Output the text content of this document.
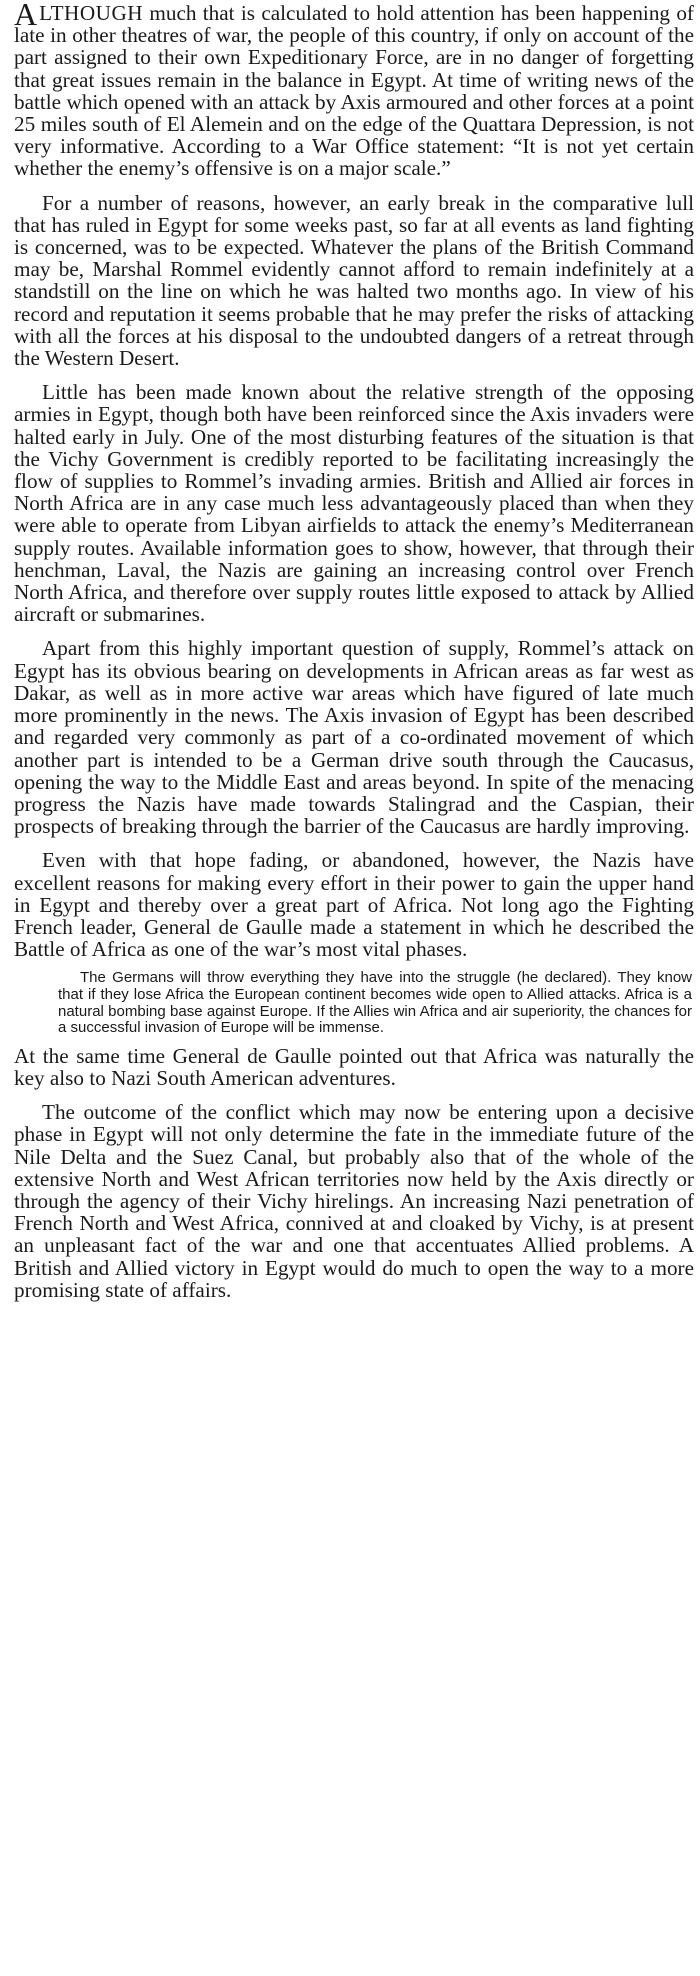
ALTHOUGH much that is calculated to hold attention has been happening of late in other theatres of war, the people of this country, if only on account of the part assigned to their own Expeditionary Force, are in no danger of forgetting that great issues remain in the balance in Egypt. At time of writing news of the battle which opened with an attack by Axis armoured and other forces at a point 25 miles south of El Alemein and on the edge of the Quattara Depression, is not very informative. According to a War Office statement: “It is not yet certain whether the enemy’s offensive is on a major scale.”

For a number of reasons, however, an early break in the comparative lull that has ruled in Egypt for some weeks past, so far at all events as land fighting is concerned, was to be expected. Whatever the plans of the British Command may be, Marshal Rommel evidently cannot afford to remain indefinitely at a standstill on the line on which he was halted two months ago. In view of his record and reputation it seems probable that he may prefer the risks of attacking with all the forces at his disposal to the undoubted dangers of a retreat through the Western Desert.

Little has been made known about the relative strength of the opposing armies in Egypt, though both have been reinforced since the Axis invaders were halted early in July. One of the most disturbing features of the situation is that the Vichy Government is credibly reported to be facilitating increasingly the flow of supplies to Rommel’s invading armies. British and Allied air forces in North Africa are in any case much less advantageously placed than when they were able to operate from Libyan airfields to attack the enemy’s Mediterranean supply routes. Available information goes to show, however, that through their henchman, Laval, the Nazis are gaining an increasing control over French North Africa, and therefore over supply routes little exposed to attack by Allied aircraft or submarines.

Apart from this highly important question of supply, Rommel’s attack on Egypt has its obvious bearing on developments in African areas as far west as Dakar, as well as in more active war areas which have figured of late much more prominently in the news. The Axis invasion of Egypt has been described and regarded very commonly as part of a co-ordinated movement of which another part is intended to be a German drive south through the Caucasus, opening the way to the Middle East and areas beyond. In spite of the menacing progress the Nazis have made towards Stalingrad and the Caspian, their prospects of breaking through the barrier of the Caucasus are hardly improving.

Even with that hope fading, or abandoned, however, the Nazis have excellent reasons for making every effort in their power to gain the upper hand in Egypt and thereby over a great part of Africa. Not long ago the Fighting French leader, General de Gaulle made a statement in which he described the Battle of Africa as one of the war’s most vital phases.

The Germans will throw everything they have into the struggle (he declared). They know that if they lose Africa the European continent becomes wide open to Allied attacks. Africa is a natural bombing base against Europe. If the Allies win Africa and air superiority, the chances for a successful invasion of Europe will be immense.

At the same time General de Gaulle pointed out that Africa was naturally the key also to Nazi South American adventures.

The outcome of the conflict which may now be entering upon a decisive phase in Egypt will not only determine the fate in the immediate future of the Nile Delta and the Suez Canal, but probably also that of the whole of the extensive North and West African territories now held by the Axis directly or through the agency of their Vichy hirelings. An increasing Nazi penetration of French North and West Africa, connived at and cloaked by Vichy, is at present an unpleasant fact of the war and one that accentuates Allied problems. A British and Allied victory in Egypt would do much to open the way to a more promising state of affairs.
